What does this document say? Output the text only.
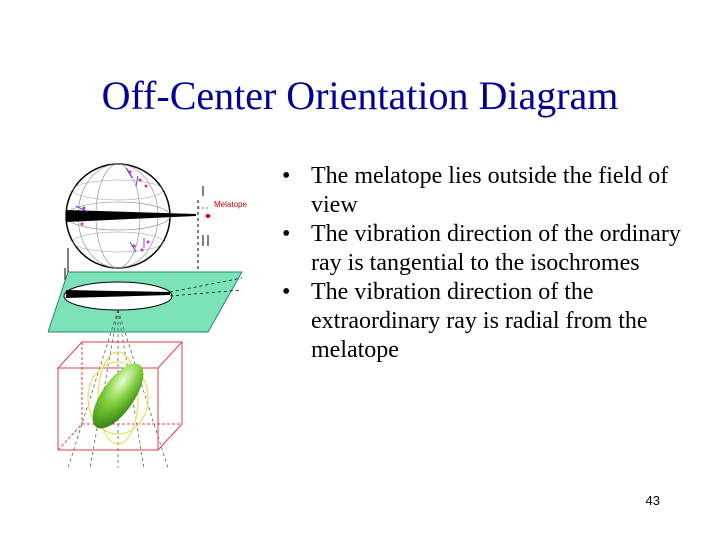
Off-Center Orientation Diagram
Melatope
• The melatope lies outside the field of view
• The vibration direction of the ordinary ray is tangential to the isochromes
• The vibration direction of the extraordinary ray is radial from the melatope
43
